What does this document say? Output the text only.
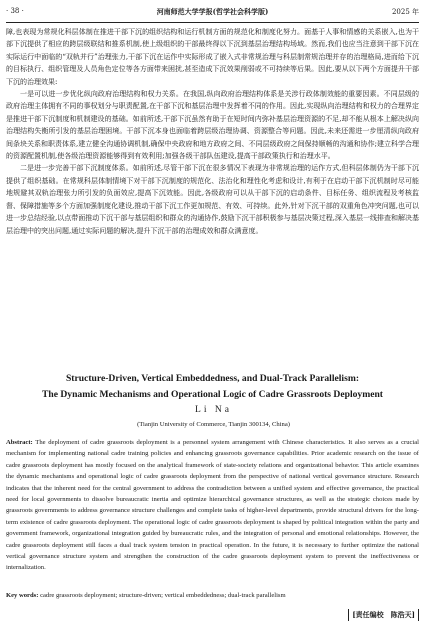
· 38 ·	河南师范大学学报(哲学社会科学版)	2025 年

障,也表现为常规化科层体制在推进干部下沉的组织结构和运行机制方面的规范化和制度化努力。面基于人事和情感的关系嵌入,也为干部下沉提供了相应的跨层级联结和推系机制,使上级组织的干部最终得以下沉到基层治理结构场域。然而,我们也应当注意到干部下沉在实际运行中面临的“双轨并行”治理张力,干部下沉在运作中实际形成了嵌入式非常规治理与科层制常规治理并存的治理格局,进而给下沉的目标执行、组织管理及人员角色定位等各方面带来困扰,甚至造成下沉效果削弱或不可持续等后果。因此,要从以下两个方面提升干部下沉的治理效果:

一是可以进一步优化纵向政府治理结构和权力关系。在我国,纵向政府治理结构体系是关涉行政体制效能的重要因素。不同层级的政府治理主体拥有不同的事权划分与职责配置,在干部下沉和基层治理中发挥着不同的作用。因此,实现纵向治理结构和权力的合理界定是推进干部下沉制度和机制建设的基础。如前所述,干部下沉虽然有助于在短时间内弥补基层治理资源的不足,却不能从根本上解决纵向治理结构失衡所引发的基层治理困境。干部下沉本身也面临着跨层级治理协调、资源整合等问题。因此,未来还需进一步厘清纵向政府间条块关系和职责体系,建立健全沟通协调机制,确保中央政府和地方政府之间、不同层级政府之间保持顺畅的沟通和协作;建立科学合理的资源配置机制,使各级治理资源能够得到有效利用;加强各级干部队伍建设,提高干部政策执行和治理水平。

二是进一步完善干部下沉制度体系。如前所述,尽管干部下沉在很多情况下表现为非常规治理的运作方式,但科层体制仍为干部下沉提供了组织基础。在常规科层体制情境下对干部下沉制度的规范化、法治化和理性化考虑和设计,有利于在启动干部下沉机制时尽可能地规避其双轨治理张力所引发的负面效应,提高下沉效能。因此,各级政府可以从干部下沉的启动条件、目标任务、组织流程及考核监督、保障措施等多个方面加强制度化建设,推动干部下沉工作更加规范、有效、可持续。此外,针对下沉干部的双重角色冲突问题,也可以进一步总结经验,以点带面推动下沉干部与基层组织和群众的沟通协作,鼓励下沉干部积极参与基层决策过程,深入基层一线排查和解决基层治理中的突出问题,通过实际问题的解决,提升下沉干部的治理成效和群众满意度。

Structure-Driven, Vertical Embeddedness, and Dual-Track Parallelism:
The Dynamic Mechanisms and Operational Logic of Cadre Grassroots Deployment
Li Na
(Tianjin University of Commerce, Tianjin 300134, China)
Abstract: The deployment of cadre grassroots deployment is a personnel system arrangement with Chinese characteristics. It also serves as a crucial mechanism for implementing national cadre training policies and enhancing grassroots governance capabilities. Prior academic research on the issue of cadre grassroots deployment has mostly focused on the analytical framework of state-society relations and organizational behavior. This article examines the dynamic mechanisms and operational logic of cadre grassroots deployment from the perspective of national vertical governance structure. Research indicates that the inherent need for the central government to address the contradiction between a unified system and effective governance, the practical need for local governments to dissolve bureaucratic inertia and optimize hierarchical governance structures, as well as the strategic choices made by grassroots governments to address governance structure challenges and complete tasks of higher-level departments, provide structural drivers for the long-term existence of cadre grassroots deployment. The operational logic of cadre grassroots deployment is shaped by political integration within the party and government framework, organizational integration guided by bureaucratic rules, and the integration of personal and emotional relationships. However, the cadre grassroots deployment still faces a dual track system tension in practical operation. In the future, it is necessary to further optimize the national vertical governance structure system and strengthen the construction of the cadre grassroots deployment system to prevent the ineffectiveness or internalization.
Key words: cadre grassroots deployment; structure-driven; vertical embeddedness; dual-track parallelism
[责任编校　陈浩天]
